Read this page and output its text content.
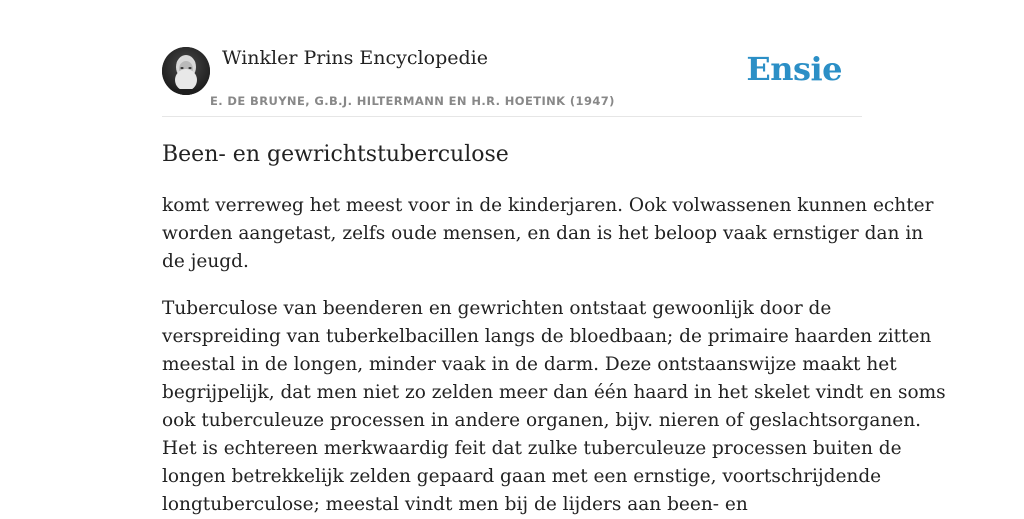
Winkler Prins Encyclopedie
E. DE BRUYNE, G.B.J. HILTERMANN EN H.R. HOETINK (1947)
Ensie
Been- en gewrichtstuberculose

komt verreweg het meest voor in de kinderjaren. Ook volwassenen kunnen echter
worden aangetast, zelfs oude mensen, en dan is het beloop vaak ernstiger dan in
de jeugd.

Tuberculose van beenderen en gewrichten ontstaat gewoonlijk door de
verspreiding van tuberkelbacillen langs de bloedbaan; de primaire haarden zitten
meestal in de longen, minder vaak in de darm. Deze ontstaanswijze maakt het
begrijpelijk, dat men niet zo zelden meer dan één haard in het skelet vindt en soms
ook tuberculeuze processen in andere organen, bijv. nieren of geslachtsorganen.
Het is echtereen merkwaardig feit dat zulke tuberculeuze processen buiten de
longen betrekkelijk zelden gepaard gaan met een ernstige, voortschrijdende
longtuberculose; meestal vindt men bij de lijders aan been- en
